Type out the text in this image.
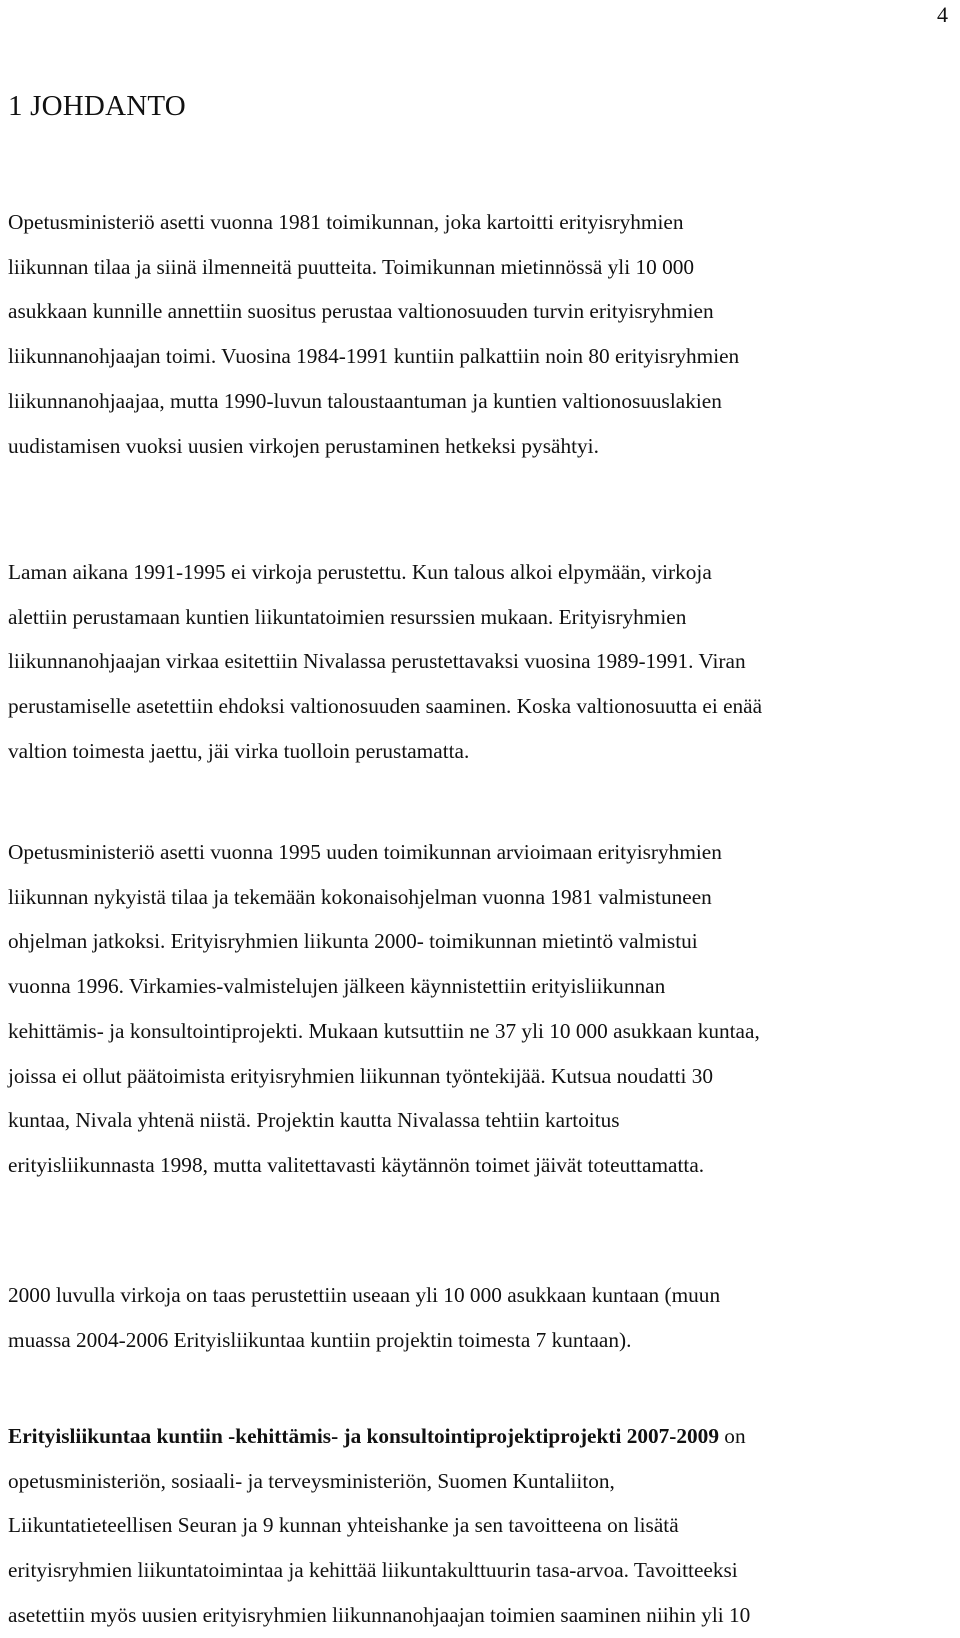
4
1 JOHDANTO

Opetusministeriö asetti vuonna 1981 toimikunnan, joka kartoitti erityisryhmien
liikunnan tilaa ja siinä ilmenneitä puutteita. Toimikunnan mietinnössä yli 10 000
asukkaan kunnille annettiin suositus perustaa valtionosuuden turvin erityisryhmien
liikunnanohjaajan toimi. Vuosina 1984-1991 kuntiin palkattiin noin 80 erityisryhmien
liikunnanohjaajaa, mutta 1990-luvun taloustaantuman ja kuntien valtionosuuslakien
uudistamisen vuoksi uusien virkojen perustaminen hetkeksi pysähtyi.

Laman aikana 1991-1995 ei virkoja perustettu. Kun talous alkoi elpymään, virkoja
alettiin perustamaan kuntien liikuntatoimien resurssien mukaan. Erityisryhmien
liikunnanohjaajan virkaa esitettiin Nivalassa perustettavaksi vuosina 1989-1991. Viran
perustamiselle asetettiin ehdoksi valtionosuuden saaminen. Koska valtionosuutta ei enää
valtion toimesta jaettu, jäi virka tuolloin perustamatta.

Opetusministeriö asetti vuonna 1995 uuden toimikunnan arvioimaan erityisryhmien
liikunnan nykyistä tilaa ja tekemään kokonaisohjelman vuonna 1981 valmistuneen
ohjelman jatkoksi. Erityisryhmien liikunta 2000- toimikunnan mietintö valmistui
vuonna 1996. Virkamies-valmistelujen jälkeen käynnistettiin erityisliikunnan
kehittämis- ja konsultointiprojekti. Mukaan kutsuttiin ne 37 yli 10 000 asukkaan kuntaa,
joissa ei ollut päätoimista erityisryhmien liikunnan työntekijää. Kutsua noudatti 30
kuntaa, Nivala yhtenä niistä. Projektin kautta Nivalassa tehtiin kartoitus
erityisliikunnasta 1998, mutta valitettavasti käytännön toimet jäivät toteuttamatta.

2000 luvulla virkoja on taas perustettiin useaan yli 10 000 asukkaan kuntaan (muun
muassa 2004-2006 Erityisliikuntaa kuntiin projektin toimesta 7 kuntaan).

Erityisliikuntaa kuntiin -kehittämis- ja konsultointiprojektiprojekti 2007-2009 on
opetusministeriön, sosiaali- ja terveysministeriön, Suomen Kuntaliiton,
Liikuntatieteellisen Seuran ja 9 kunnan yhteishanke ja sen tavoitteena on lisätä
erityisryhmien liikuntatoimintaa ja kehittää liikuntakulttuurin tasa-arvoa. Tavoitteeksi
asetettiin myös uusien erityisryhmien liikunnanohjaajan toimien saaminen niihin yli 10
